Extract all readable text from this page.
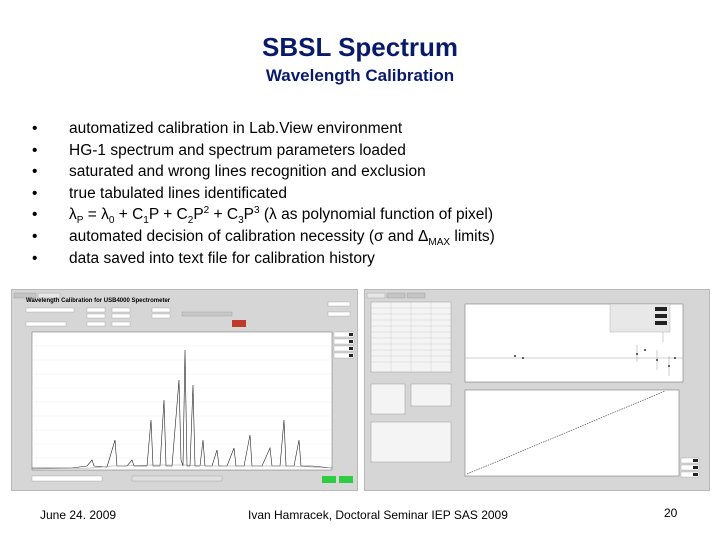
SBSL Spectrum
Wavelength Calibration
• automatized calibration in Lab.View environment
• HG-1 spectrum and spectrum parameters loaded
• saturated and wrong lines recognition and exclusion
• true tabulated lines identificated
• $\lambda_P = \lambda_0 + C_1P + C_2P^2 + C_3P^3$ (λ as polynomial function of pixel)
• automated decision of calibration necessity (σ and $\Delta_{MAX}$ limits)
• data saved into text file for calibration history
Wavelength Calibration for USB4000 Spectrometer
June 24. 2009	Ivan Hamracek, Doctoral Seminar IEP SAS 2009	20
